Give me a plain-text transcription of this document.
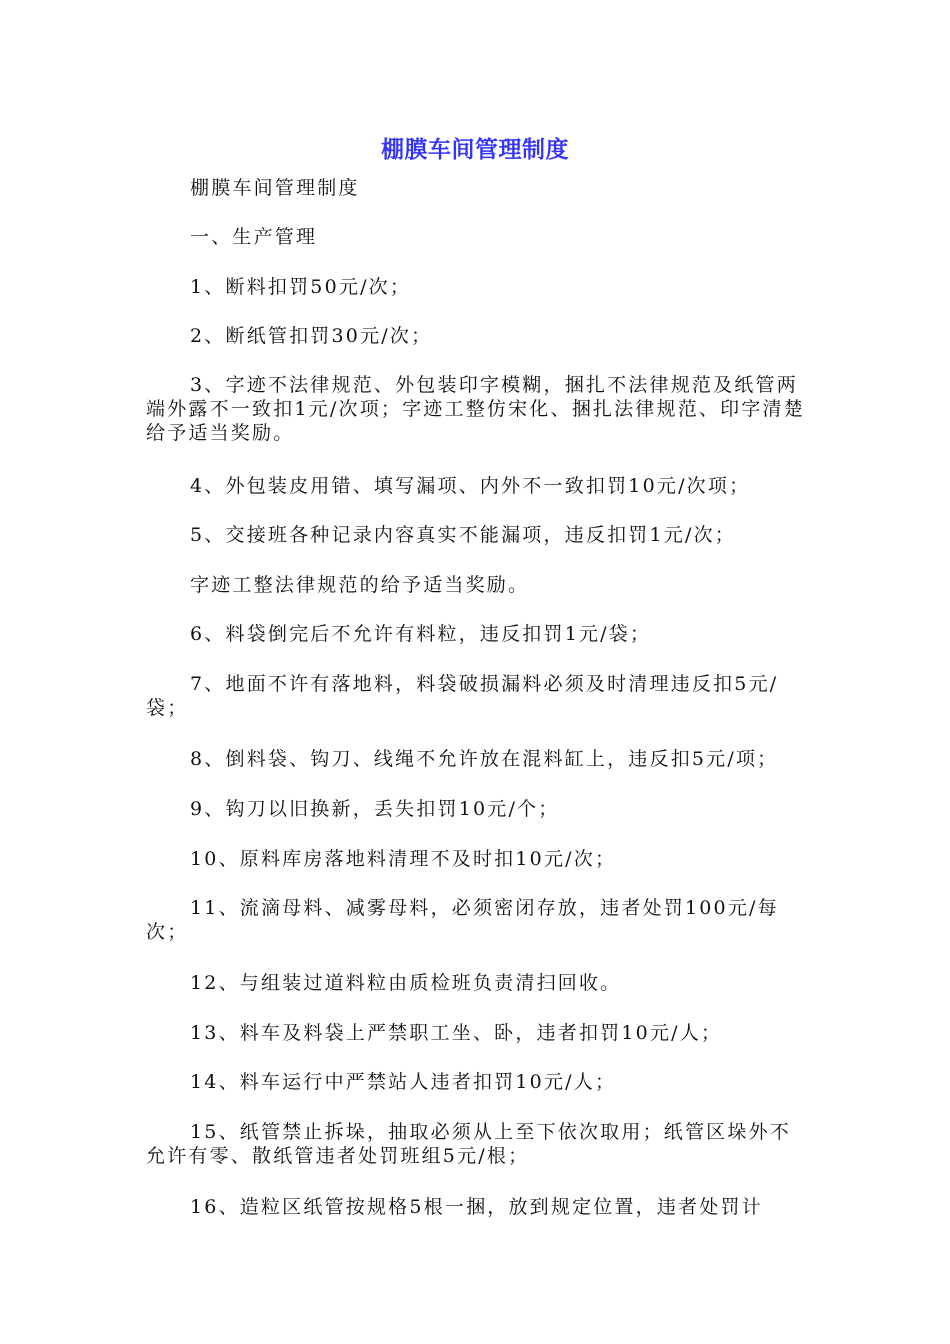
棚膜车间管理制度

棚膜车间管理制度

一、生产管理

1、断料扣罚50元/次；

2、断纸管扣罚30元/次；

3、字迹不法律规范、外包装印字模糊，捆扎不法律规范及纸管两端外露不一致扣1元/次项；字迹工整仿宋化、捆扎法律规范、印字清楚给予适当奖励。

4、外包装皮用错、填写漏项、内外不一致扣罚10元/次项；

5、交接班各种记录内容真实不能漏项，违反扣罚1元/次；

字迹工整法律规范的给予适当奖励。

6、料袋倒完后不允许有料粒，违反扣罚1元/袋；

7、地面不许有落地料，料袋破损漏料必须及时清理违反扣5元/袋；

8、倒料袋、钩刀、线绳不允许放在混料缸上，违反扣5元/项；

9、钩刀以旧换新，丢失扣罚10元/个；

10、原料库房落地料清理不及时扣10元/次；

11、流滴母料、减雾母料，必须密闭存放，违者处罚100元/每次；

12、与组装过道料粒由质检班负责清扫回收。

13、料车及料袋上严禁职工坐、卧，违者扣罚10元/人；

14、料车运行中严禁站人违者扣罚10元/人；

15、纸管禁止拆垛，抽取必须从上至下依次取用；纸管区垛外不允许有零、散纸管违者处罚班组5元/根；

16、造粒区纸管按规格5根一捆，放到规定位置，违者处罚计
